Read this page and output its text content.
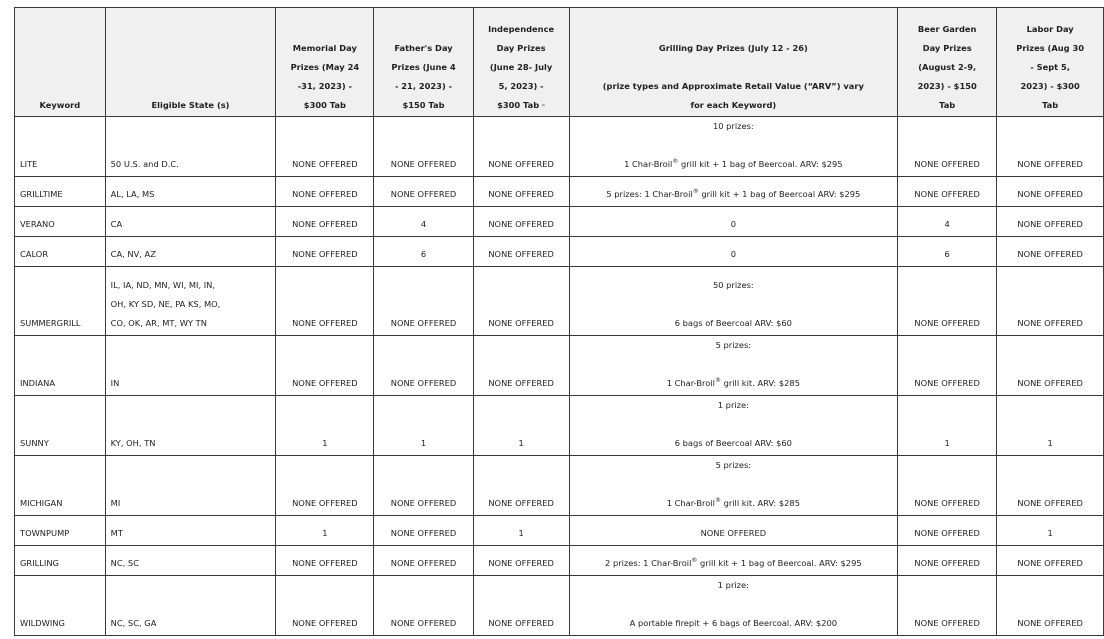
Keyword	Eligible State (s)	Memorial Day
Prizes (May 24
-31, 2023) -
$300 Tab	Father's Day
Prizes (June 4
- 21, 2023) -
$150 Tab	Independence
Day Prizes
(June 28- July
5, 2023) -
$300 Tab –	Grilling Day Prizes (July 12 - 26)
(prize types and Approximate Retail Value (“ARV”) vary
for each Keyword)	Beer Garden
Day Prizes
(August 2-9,
2023) - $150
Tab	Labor Day
Prizes (Aug 30
- Sept 5,
2023) - $300
Tab

LITE	50 U.S. and D.C.	NONE OFFERED	NONE OFFERED	NONE OFFERED	10 prizes:
1 Char-Broil® grill kit + 1 bag of Beercoal. ARV: $295	NONE OFFERED	NONE OFFERED
GRILLTIME	AL, LA, MS	NONE OFFERED	NONE OFFERED	NONE OFFERED	5 prizes: 1 Char-Broil® grill kit + 1 bag of Beercoal ARV: $295	NONE OFFERED	NONE OFFERED
VERANO	CA	NONE OFFERED	4	NONE OFFERED	0	4	NONE OFFERED
CALOR	CA, NV, AZ	NONE OFFERED	6	NONE OFFERED	0	6	NONE OFFERED
SUMMERGRILL	IL, IA, ND, MN, WI, MI, IN,
OH, KY SD, NE, PA KS, MO,
CO, OK, AR, MT, WY TN	NONE OFFERED	NONE OFFERED	NONE OFFERED	50 prizes:
6 bags of Beercoal ARV: $60	NONE OFFERED	NONE OFFERED
INDIANA	IN	NONE OFFERED	NONE OFFERED	NONE OFFERED	5 prizes:
1 Char-Broil® grill kit. ARV: $285	NONE OFFERED	NONE OFFERED
SUNNY	KY, OH, TN	1	1	1	1 prize:
6 bags of Beercoal ARV: $60	1	1
MICHIGAN	MI	NONE OFFERED	NONE OFFERED	NONE OFFERED	5 prizes:
1 Char-Broil® grill kit. ARV: $285	NONE OFFERED	NONE OFFERED
TOWNPUMP	MT	1	NONE OFFERED	1	NONE OFFERED	NONE OFFERED	1
GRILLING	NC, SC	NONE OFFERED	NONE OFFERED	NONE OFFERED	2 prizes: 1 Char-Broil® grill kit + 1 bag of Beercoal. ARV: $295	NONE OFFERED	NONE OFFERED
WILDWING	NC, SC, GA	NONE OFFERED	NONE OFFERED	NONE OFFERED	1 prize:
A portable firepit + 6 bags of Beercoal. ARV: $200	NONE OFFERED	NONE OFFERED
